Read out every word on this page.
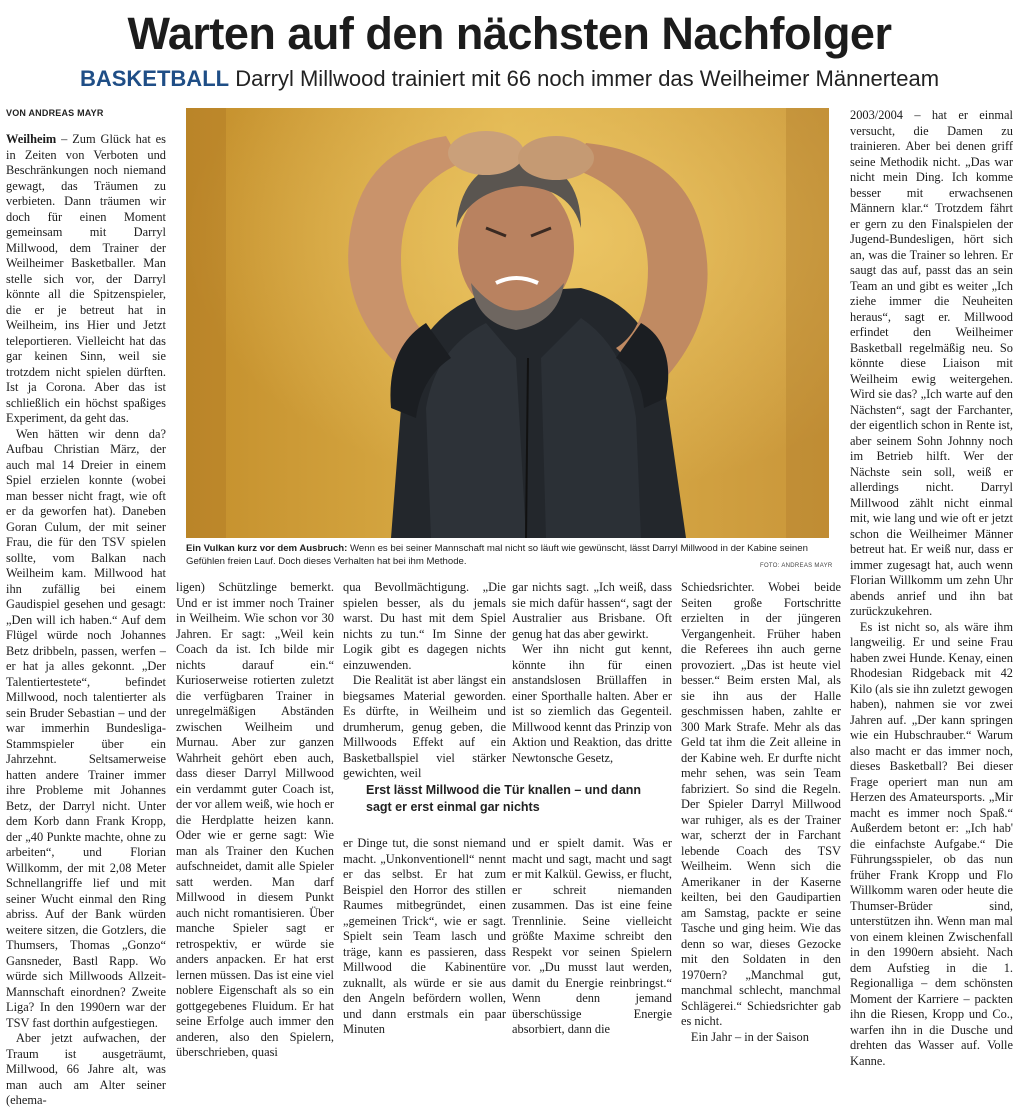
Warten auf den nächsten Nachfolger
BASKETBALL Darryl Millwood trainiert mit 66 noch immer das Weilheimer Männerteam
VON ANDREAS MAYR

Weilheim – Zum Glück hat es in Zeiten von Verboten und Beschränkungen noch niemand gewagt, das Träumen zu verbieten. Dann träumen wir doch für einen Moment gemeinsam mit Darryl Millwood, dem Trainer der Weilheimer Basketballer. Man stelle sich vor, der Darryl könnte all die Spitzenspieler, die er je betreut hat in Weilheim, ins Hier und Jetzt teleportieren. Vielleicht hat das gar keinen Sinn, weil sie trotzdem nicht spielen dürften. Ist ja Corona. Aber das ist schließlich ein höchst spaßiges Experiment, da geht das.

Wen hätten wir denn da? Aufbau Christian März, der auch mal 14 Dreier in einem Spiel erzielen konnte (wobei man besser nicht fragt, wie oft er da geworfen hat). Daneben Goran Culum, der mit seiner Frau, die für den TSV spielen sollte, vom Balkan nach Weilheim kam. Millwood hat ihn zufällig bei einem Gaudispiel gesehen und gesagt: „Den will ich haben.“ Auf dem Flügel würde noch Johannes Betz dribbeln, passen, werfen – er hat ja alles gekonnt. „Der Talentiertestete“, befindet Millwood, noch talentierter als sein Bruder Sebastian – und der war immerhin Bundesliga-Stammspieler über ein Jahrzehnt. Seltsamerweise hatten andere Trainer immer ihre Probleme mit Johannes Betz, der Darryl nicht. Unter dem Korb dann Frank Kropp, der „40 Punkte machte, ohne zu arbeiten“, und Florian Willkomm, der mit 2,08 Meter Schnellangriffe lief und mit seiner Wucht einmal den Ring abriss. Auf der Bank würden weitere sitzen, die Gotzlers, die Thumsers, Thomas „Gonzo“ Gansneder, Bastl Rapp. Wo würde sich Millwoods Allzeit-Mannschaft einordnen? Zweite Liga? In den 1990ern war der TSV fast dorthin aufgestiegen.

Aber jetzt aufwachen, der Traum ist ausgeträumt, Millwood, 66 Jahre alt, was man auch am Alter seiner (ehema-

Ein Vulkan kurz vor dem Ausbruch: Wenn es bei seiner Mannschaft mal nicht so läuft wie gewünscht, lässt Darryl Millwood in der Kabine seinen Gefühlen freien Lauf. Doch dieses Verhalten hat bei ihm Methode.	FOTO: ANDREAS MAYR

ligen) Schützlinge bemerkt. Und er ist immer noch Trainer in Weilheim. Wie schon vor 30 Jahren. Er sagt: „Weil kein Coach da ist. Ich bilde mir nichts darauf ein.“ Kurioserweise rotierten zuletzt die verfügbaren Trainer in unregelmäßigen Abständen zwischen Weilheim und Murnau. Aber zur ganzen Wahrheit gehört eben auch, dass dieser Darryl Millwood ein verdammt guter Coach ist, der vor allem weiß, wie hoch er die Herdplatte heizen kann. Oder wie er gerne sagt: Wie man als Trainer den Kuchen aufschneidet, damit alle Spieler satt werden. Man darf Millwood in diesem Punkt auch nicht romantisieren. Über manche Spieler sagt er retrospektiv, er würde sie anders anpacken. Er hat erst lernen müssen. Das ist eine viel noblere Eigenschaft als so ein gottgegebenes Fluidum. Er hat seine Erfolge auch immer den anderen, also den Spielern, überschrieben, quasi

qua Bevollmächtigung. „Die spielen besser, als du jemals warst. Du hast mit dem Spiel nichts zu tun.“ Im Sinne der Logik gibt es dagegen nichts einzuwenden.

Die Realität ist aber längst ein biegsames Material geworden. Es dürfte, in Weilheim und drumherum, genug geben, die Millwoods Effekt auf ein Basketballspiel viel stärker gewichten, weil

gar nichts sagt. „Ich weiß, dass sie mich dafür hassen“, sagt der Australier aus Brisbane. Oft genug hat das aber gewirkt.

Wer ihn nicht gut kennt, könnte ihn für einen anstandslosen Brüllaffen in einer Sporthalle halten. Aber er ist so ziemlich das Gegenteil. Millwood kennt das Prinzip von Aktion und Reaktion, das dritte Newtonsche Gesetz,

Erst lässt Millwood die Tür knallen – und dann sagt er erst einmal gar nichts

er Dinge tut, die sonst niemand macht. „Unkonventionell“ nennt er das selbst. Er hat zum Beispiel den Horror des stillen Raumes mitbegründet, einen „gemeinen Trick“, wie er sagt. Spielt sein Team lasch und träge, kann es passieren, dass Millwood die Kabinentüre zuknallt, als würde er sie aus den Angeln befördern wollen, und dann erstmals ein paar Minuten

und er spielt damit. Was er macht und sagt, macht und sagt er mit Kalkül. Gewiss, er flucht, er schreit niemanden zusammen. Das ist eine feine Trennlinie. Seine vielleicht größte Maxime schreibt den Respekt vor seinen Spielern vor. „Du musst laut werden, damit du Energie reinbringst.“ Wenn denn jemand überschüssige Energie absorbiert, dann die

Schiedsrichter. Wobei beide Seiten große Fortschritte erzielten in der jüngeren Vergangenheit. Früher haben die Referees ihn auch gerne provoziert. „Das ist heute viel besser.“ Beim ersten Mal, als sie ihn aus der Halle geschmissen haben, zahlte er 300 Mark Strafe. Mehr als das Geld tat ihm die Zeit alleine in der Kabine weh. Er durfte nicht mehr sehen, was sein Team fabriziert. So sind die Regeln. Der Spieler Darryl Millwood war ruhiger, als es der Trainer war, scherzt der in Farchant lebende Coach des TSV Weilheim. Wenn sich die Amerikaner in der Kaserne keilten, bei den Gaudipartien am Samstag, packte er seine Tasche und ging heim. Wie das denn so war, dieses Gezocke mit den Soldaten in den 1970ern? „Manchmal gut, manchmal schlecht, manchmal Schlägerei.“ Schiedsrichter gab es nicht.

Ein Jahr – in der Saison

2003/2004 – hat er einmal versucht, die Damen zu trainieren. Aber bei denen griff seine Methodik nicht. „Das war nicht mein Ding. Ich komme besser mit erwachsenen Männern klar.“ Trotzdem fährt er gern zu den Finalspielen der Jugend-Bundesligen, hört sich an, was die Trainer so lehren. Er saugt das auf, passt das an sein Team an und gibt es weiter „Ich ziehe immer die Neuheiten heraus“, sagt er. Millwood erfindet den Weilheimer Basketball regelmäßig neu. So könnte diese Liaison mit Weilheim ewig weitergehen. Wird sie das? „Ich warte auf den Nächsten“, sagt der Farchanter, der eigentlich schon in Rente ist, aber seinem Sohn Johnny noch im Betrieb hilft. Wer der Nächste sein soll, weiß er allerdings nicht. Darryl Millwood zählt nicht einmal mit, wie lang und wie oft er jetzt schon die Weilheimer Männer betreut hat. Er weiß nur, dass er immer zugesagt hat, auch wenn Florian Willkomm um zehn Uhr abends anrief und ihn bat zurückzukehren.

Es ist nicht so, als wäre ihm langweilig. Er und seine Frau haben zwei Hunde. Kenay, einen Rhodesian Ridgeback mit 42 Kilo (als sie ihn zuletzt gewogen haben), nahmen sie vor zwei Jahren auf. „Der kann springen wie ein Hubschrauber.“ Warum also macht er das immer noch, dieses Basketball? Bei dieser Frage operiert man nun am Herzen des Amateursports. „Mir macht es immer noch Spaß.“ Außerdem betont er: „Ich hab' die einfachste Aufgabe.“ Die Führungsspieler, ob das nun früher Frank Kropp und Flo Willkomm waren oder heute die Thumser-Brüder sind, unterstützen ihn. Wenn man mal von einem kleinen Zwischenfall in den 1990ern absieht. Nach dem Aufstieg in die 1. Regionalliga – dem schönsten Moment der Karriere – packten ihn die Riesen, Kropp und Co., warfen ihn in die Dusche und drehten das Wasser auf. Volle Kanne.
